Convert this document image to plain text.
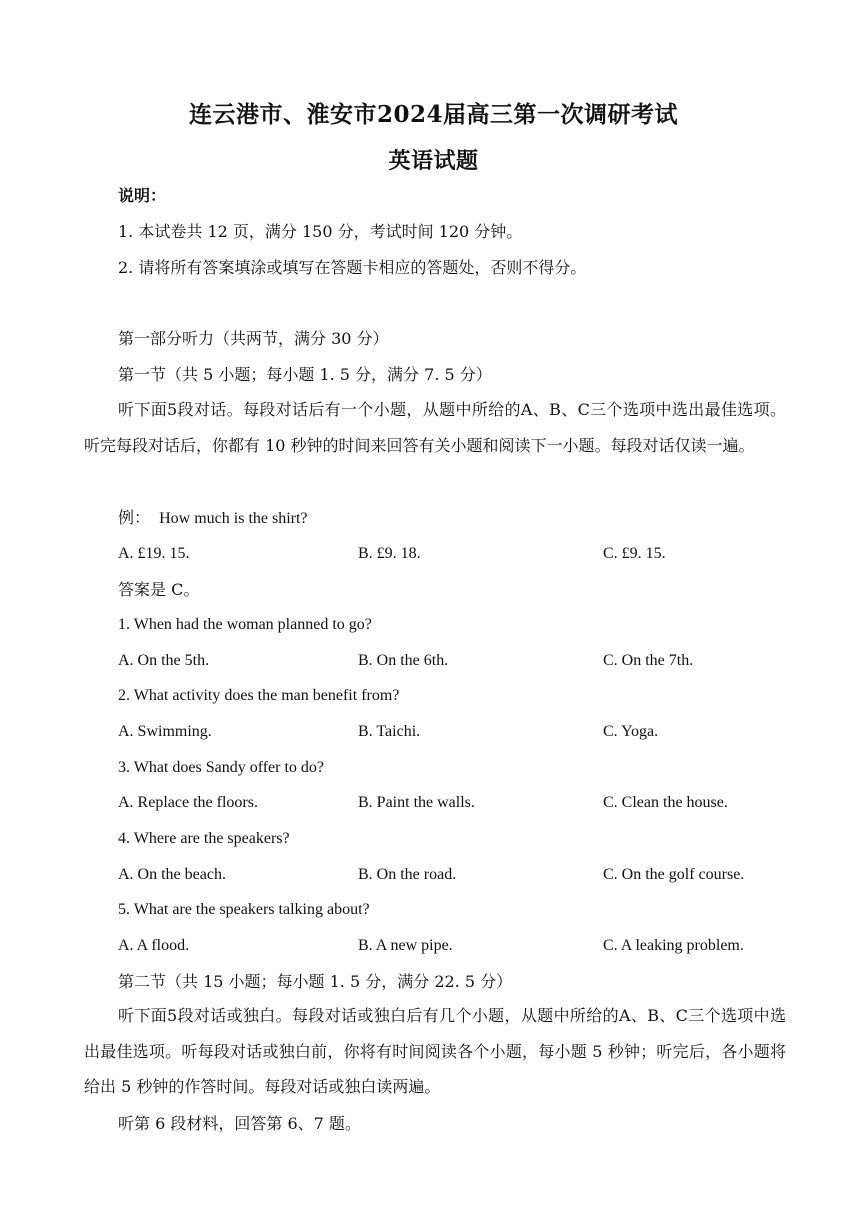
连云港市、淮安市2024届高三第一次调研考试
英语试题
说明：
1. 本试卷共 12 页，满分 150 分，考试时间 120 分钟。
2. 请将所有答案填涂或填写在答题卡相应的答题处，否则不得分。
第一部分听力（共两节，满分 30 分）
第一节（共 5 小题；每小题 1. 5 分，满分 7. 5 分）
听下面5段对话。每段对话后有一个小题，从题中所给的A、B、C三个选项中选出最佳选项。听完每段对话后，你都有 10 秒钟的时间来回答有关小题和阅读下一小题。每段对话仅读一遍。
例： How much is the shirt?
A. £19. 15.	B. £9. 18.	C. £9. 15.
答案是 C。
1. When had the woman planned to go?
A. On the 5th.	B. On the 6th.	C. On the 7th.
2. What activity does the man benefit from?
A. Swimming.	B. Taichi.	C. Yoga.
3. What does Sandy offer to do?
A. Replace the floors.	B. Paint the walls.	C. Clean the house.
4. Where are the speakers?
A. On the beach.	B. On the road.	C. On the golf course.
5. What are the speakers talking about?
A. A flood.	B. A new pipe.	C. A leaking problem.
第二节（共 15 小题；每小题 1. 5 分，满分 22. 5 分）
听下面5段对话或独白。每段对话或独白后有几个小题，从题中所给的A、B、C三个选项中选出最佳选项。听每段对话或独白前，你将有时间阅读各个小题，每小题 5 秒钟；听完后，各小题将给出 5 秒钟的作答时间。每段对话或独白读两遍。
听第 6 段材料，回答第 6、7 题。
